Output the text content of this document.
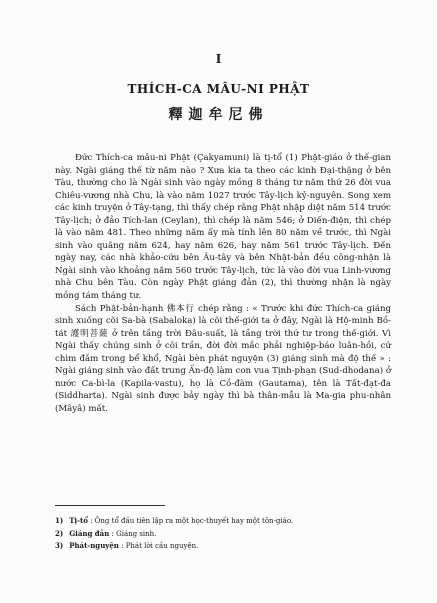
I
THÍCH-CA MÂU-NI PHẬT
釋迦牟尼佛

Đức Thích-ca mâu-ni Phật (Çakyamuni) là tị-tổ (1) Phật-giáo ở thế-gian này. Ngài giáng thế từ năm nào ? Xưa kia ta theo các kinh Đại-thặng ở bên Tàu, thường cho là Ngài sinh vào ngày mồng 8 tháng tư năm thứ 26 đời vua Chiêu-vương nhà Chu, là vào năm 1027 trước Tây-lịch kỷ-nguyên. Song xem các kinh truyện ở Tây-tạng, thì thấy chép rằng Phật nhập diệt năm 514 trước Tây-lịch; ở đảo Tích-lan (Ceylan), thì chép là năm 546; ở Diến-điện, thì chép là vào năm 481. Theo những năm ấy mà tính lên 80 năm về trước, thì Ngài sinh vào quãng năm 624, hay năm 626, hay năm 561 trước Tây-lịch. Đến ngày nay, các nhà khảo-cứu bên Âu-tây và bên Nhật-bản đều công-nhận là Ngài sinh vào khoảng năm 560 trước Tây-lịch, tức là vào đời vua Linh-vương nhà Chu bên Tàu. Còn ngày Phật giáng đản (2), thì thường nhận là ngày mồng tám tháng tư.

Sách Phật-bản-hạnh 佛本行 chép rằng : « Trước khi đức Thích-ca giáng sinh xuống cõi Sa-bà (Sabaloka) là cõi thế-giới ta ở đây, Ngài là Hộ-minh Bồ-tát 護明菩薩 ở trên tầng trời Đâu-suất, là tầng trời thứ tư trong thế-giới. Vì Ngài thấy chúng sinh ở cõi trần, đời đời mắc phải nghiệp-báo luân-hồi, cứ chìm đắm trong bể khổ, Ngài bèn phát nguyện (3) giáng sinh mà độ thế » : Ngài giáng sinh vào đất trung Ấn-độ làm con vua Tịnh-phạn (Sud-dhodana) ở nước Ca-bì-la (Kapila-vastu), họ là Cồ-đàm (Gautama), tên là Tất-đạt-đa (Siddharta). Ngài sinh được bảy ngày thì bà thân-mẫu là Ma-gia phu-nhân (Mâyâ) mất.

1) Tị-tổ : Ông tổ đầu tiên lập ra một học-thuyết hay một tôn-giáo.
2) Giáng đản : Giáng sinh.
3) Phát-nguyện : Phát lời cầu nguyện.
